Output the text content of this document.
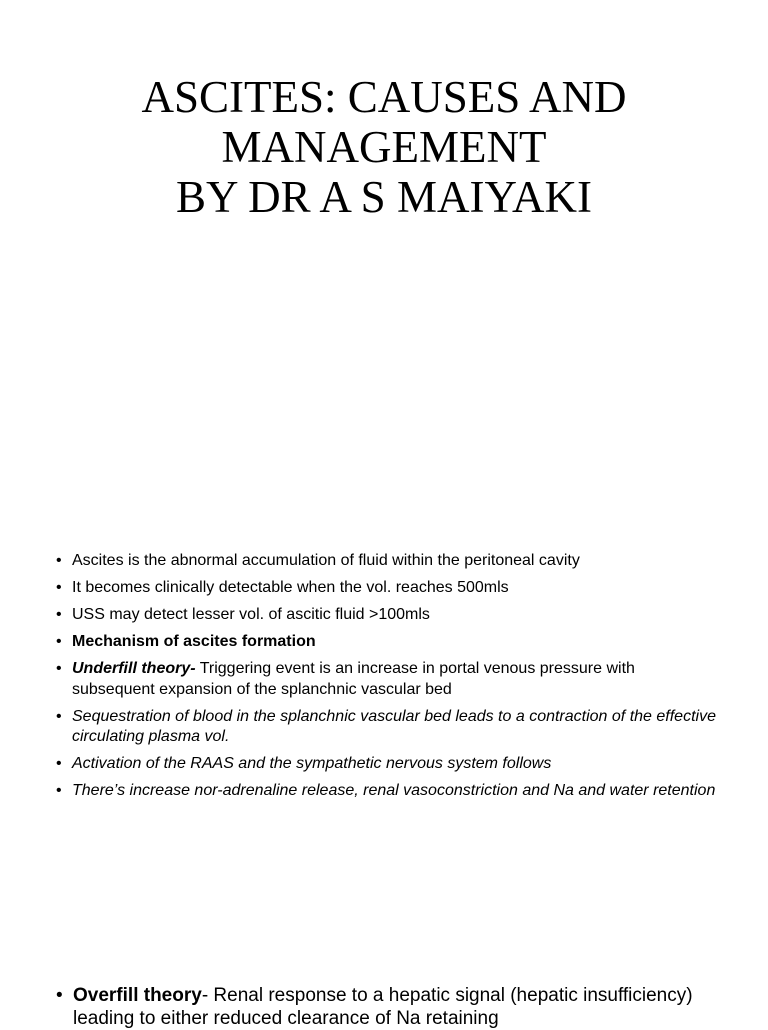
ASCITES: CAUSES AND
MANAGEMENT
BY DR A S MAIYAKI
• Ascites is the abnormal accumulation of fluid within the peritoneal cavity
• It becomes clinically detectable when the vol. reaches 500mls
• USS may detect lesser vol. of ascitic fluid >100mls
• Mechanism of ascites formation
• Underfill theory- Triggering event is an increase in portal venous pressure with subsequent expansion of the splanchnic vascular bed
• Sequestration of blood in the splanchnic vascular bed leads to a contraction of the effective circulating plasma vol.
• Activation of the RAAS and the sympathetic nervous system follows
• There’s increase nor-adrenaline release, renal vasoconstriction and Na and water retention
• Overfill theory- Renal response to a hepatic signal (hepatic insufficiency) leading to either reduced clearance of Na retaining
